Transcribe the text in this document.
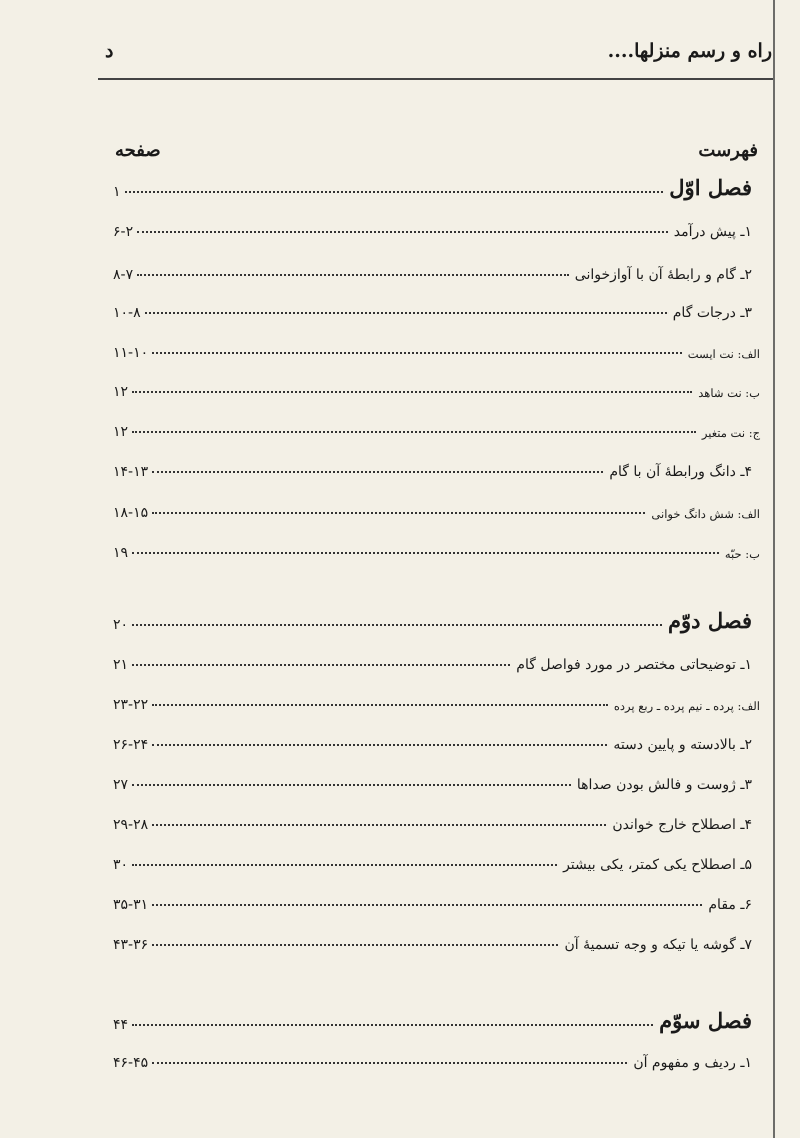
راه و رسم منزلها....
د
فهرست
صفحه
فصل اوّل
۱
۱ـ پیش درآمد
۶-۲
۲ـ گام و رابطهٔ آن با آوازخوانی
۸-۷
۳ـ درجات گام
۱۰-۸
الف: نت ایست
۱۱-۱۰
ب: نت شاهد
۱۲
ج: نت متغیر
۱۲
۴ـ دانگ ورابطهٔ آن با گام
۱۴-۱۳
الف: شش دانگ خوانی
۱۸-۱۵
ب: حبّه
۱۹
فصل دوّم
۲۰
۱ـ توضیحاتی مختصر در مورد فواصل گام
۲۱
الف: پرده ـ نیم پرده ـ ربع پرده
۲۳-۲۲
۲ـ بالادسته و پایین دسته
۲۶-۲۴
۳ـ ژوست و فالش بودن صداها
۲۷
۴ـ اصطلاح خارج خواندن
۲۹-۲۸
۵ـ اصطلاح یکی کمتر، یکی بیشتر
۳۰
۶ـ مقام
۳۵-۳۱
۷ـ گوشه یا تیکه و وجه تسمیهٔ آن
۴۳-۳۶
فصل سوّم
۴۴
۱ـ ردیف و مفهوم آن
۴۶-۴۵
